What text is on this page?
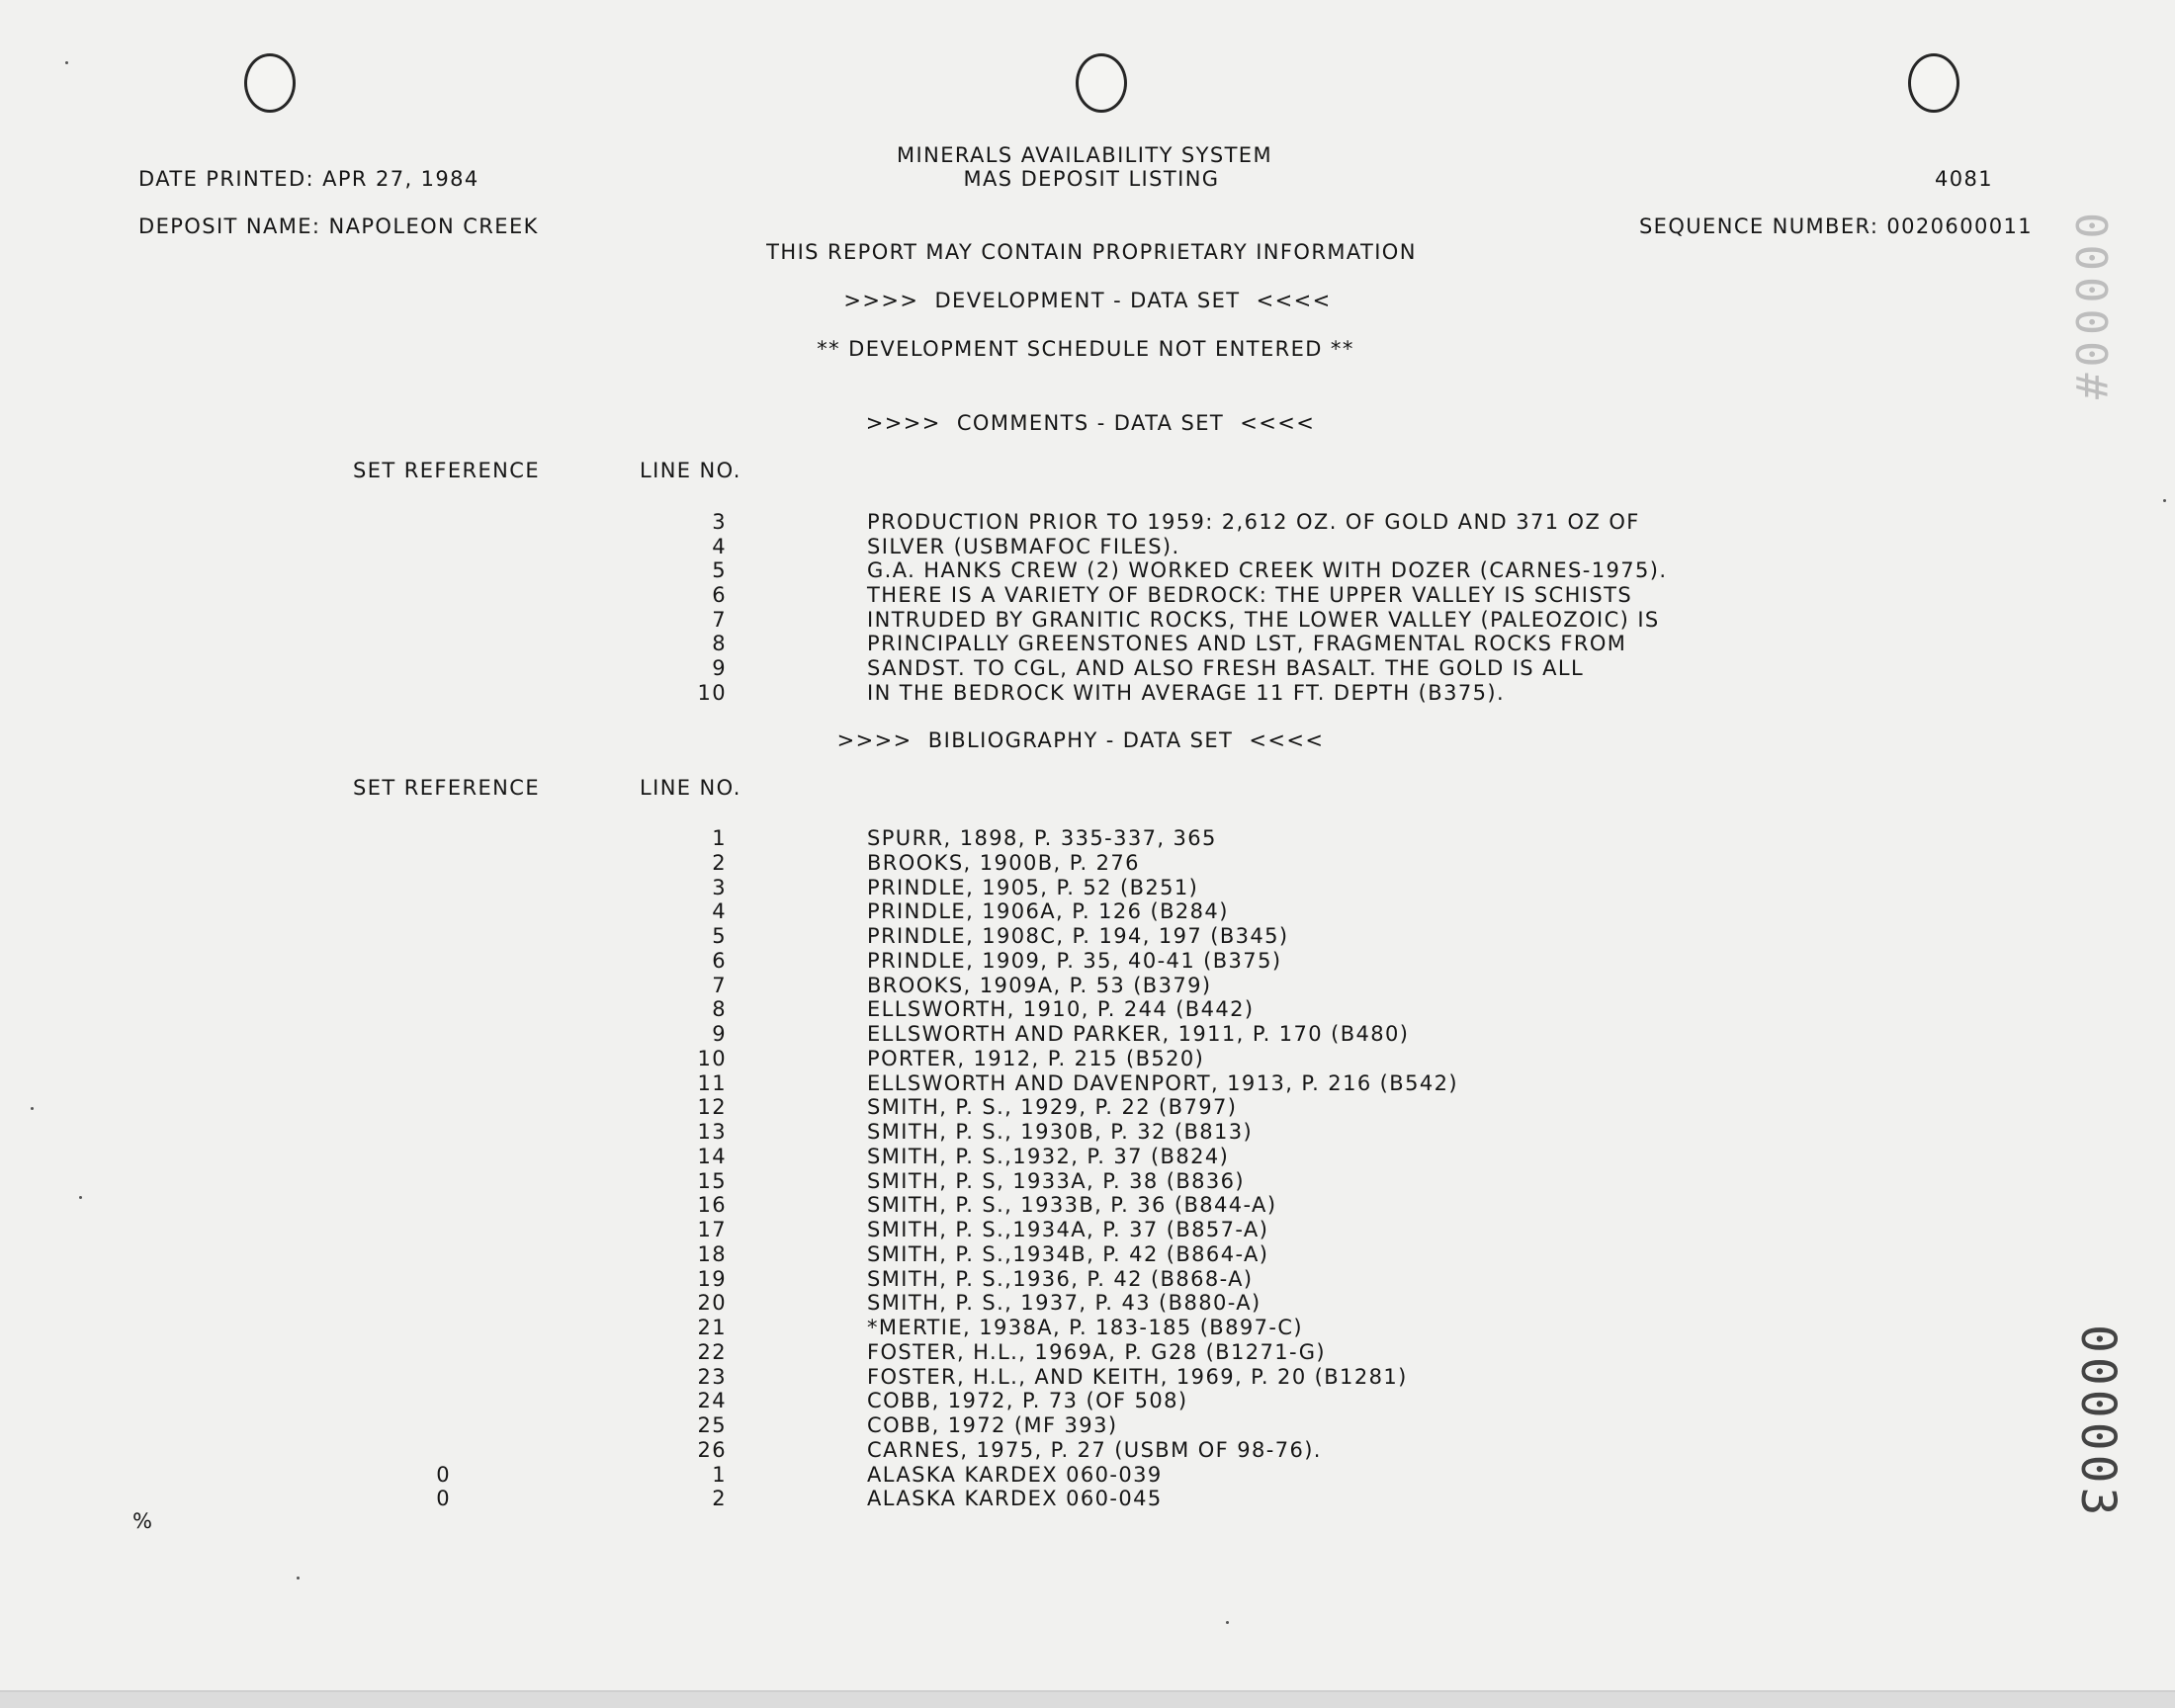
MINERALS AVAILABILITY SYSTEM
MAS DEPOSIT LISTING
DATE PRINTED: APR 27, 1984	4081
DEPOSIT NAME: NAPOLEON CREEK	SEQUENCE NUMBER: 0020600011
THIS REPORT MAY CONTAIN PROPRIETARY INFORMATION
>>>>  DEVELOPMENT - DATA SET  <<<<
** DEVELOPMENT SCHEDULE NOT ENTERED **
>>>>  COMMENTS - DATA SET  <<<<
SET REFERENCE	LINE NO.
3	PRODUCTION PRIOR TO 1959: 2,612 OZ. OF GOLD AND 371 OZ OF
4	SILVER (USBMAFOC FILES).
5	G.A. HANKS CREW (2) WORKED CREEK WITH DOZER (CARNES-1975).
6	THERE IS A VARIETY OF BEDROCK: THE UPPER VALLEY IS SCHISTS
7	INTRUDED BY GRANITIC ROCKS, THE LOWER VALLEY (PALEOZOIC) IS
8	PRINCIPALLY GREENSTONES AND LST, FRAGMENTAL ROCKS FROM
9	SANDST. TO CGL, AND ALSO FRESH BASALT. THE GOLD IS ALL
10	IN THE BEDROCK WITH AVERAGE 11 FT. DEPTH (B375).
>>>>  BIBLIOGRAPHY - DATA SET  <<<<
SET REFERENCE	LINE NO.
1	SPURR, 1898, P. 335-337, 365
2	BROOKS, 1900B, P. 276
3	PRINDLE, 1905, P. 52 (B251)
4	PRINDLE, 1906A, P. 126 (B284)
5	PRINDLE, 1908C, P. 194, 197 (B345)
6	PRINDLE, 1909, P. 35, 40-41 (B375)
7	BROOKS, 1909A, P. 53 (B379)
8	ELLSWORTH, 1910, P. 244 (B442)
9	ELLSWORTH AND PARKER, 1911, P. 170 (B480)
10	PORTER, 1912, P. 215 (B520)
11	ELLSWORTH AND DAVENPORT, 1913, P. 216 (B542)
12	SMITH, P. S., 1929, P. 22 (B797)
13	SMITH, P. S., 1930B, P. 32 (B813)
14	SMITH, P. S.,1932, P. 37 (B824)
15	SMITH, P. S, 1933A, P. 38 (B836)
16	SMITH, P. S., 1933B, P. 36 (B844-A)
17	SMITH, P. S.,1934A, P. 37 (B857-A)
18	SMITH, P. S.,1934B, P. 42 (B864-A)
19	SMITH, P. S.,1936, P. 42 (B868-A)
20	SMITH, P. S., 1937, P. 43 (B880-A)
21	*MERTIE, 1938A, P. 183-185 (B897-C)
22	FOSTER, H.L., 1969A, P. G28 (B1271-G)
23	FOSTER, H.L., AND KEITH, 1969, P. 20 (B1281)
24	COBB, 1972, P. 73 (OF 508)
25	COBB, 1972 (MF 393)
26	CARNES, 1975, P. 27 (USBM OF 98-76).
0	1	ALASKA KARDEX 060-039
0	2	ALASKA KARDEX 060-045
%
000003
00000#
